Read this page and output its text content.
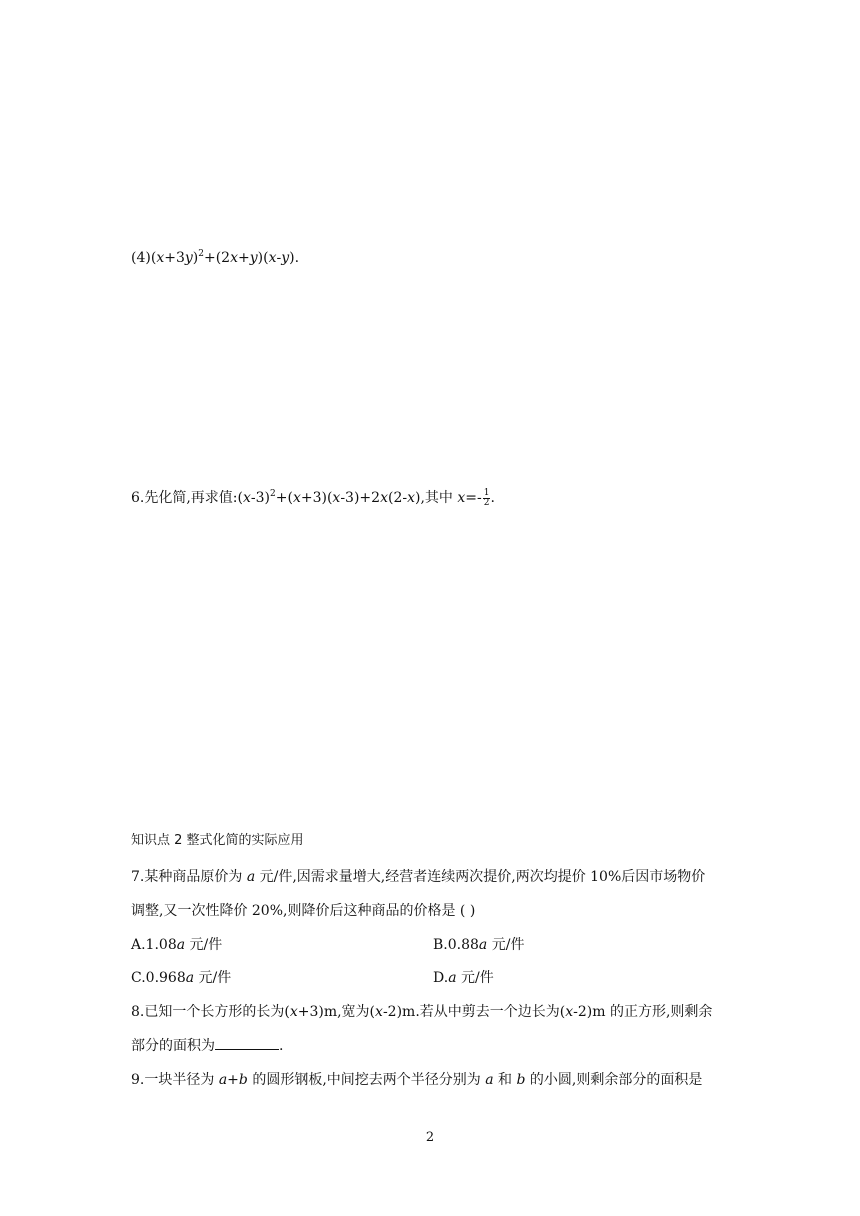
$(4)(x+3y)^2+(2x+y)(x-y)$.
6.先化简,再求值$:(x-3)^2+(x+3)(x-3)+2x(2-x)$,其中 $x=- \frac{1}{2}$ .
知识点 2 整式化简的实际应用
7.某种商品原价为 a 元/件,因需求量增大,经营者连续两次提价,两次均提价 10%后因市场物价
调整,又一次性降价 20%,则降价后这种商品的价格是 ( )
A.1.08a 元/件	B.0.88a 元/件
C.0.968a 元/件	D.a 元/件
8.已知一个长方形的长为(x+3)m,宽为(x-2)m.若从中剪去一个边长为(x-2)m 的正方形,则剩余
部分的面积为	.
9.一块半径为 a+b 的圆形钢板,中间挖去两个半径分别为 a 和 b 的小圆,则剩余部分的面积是
2
